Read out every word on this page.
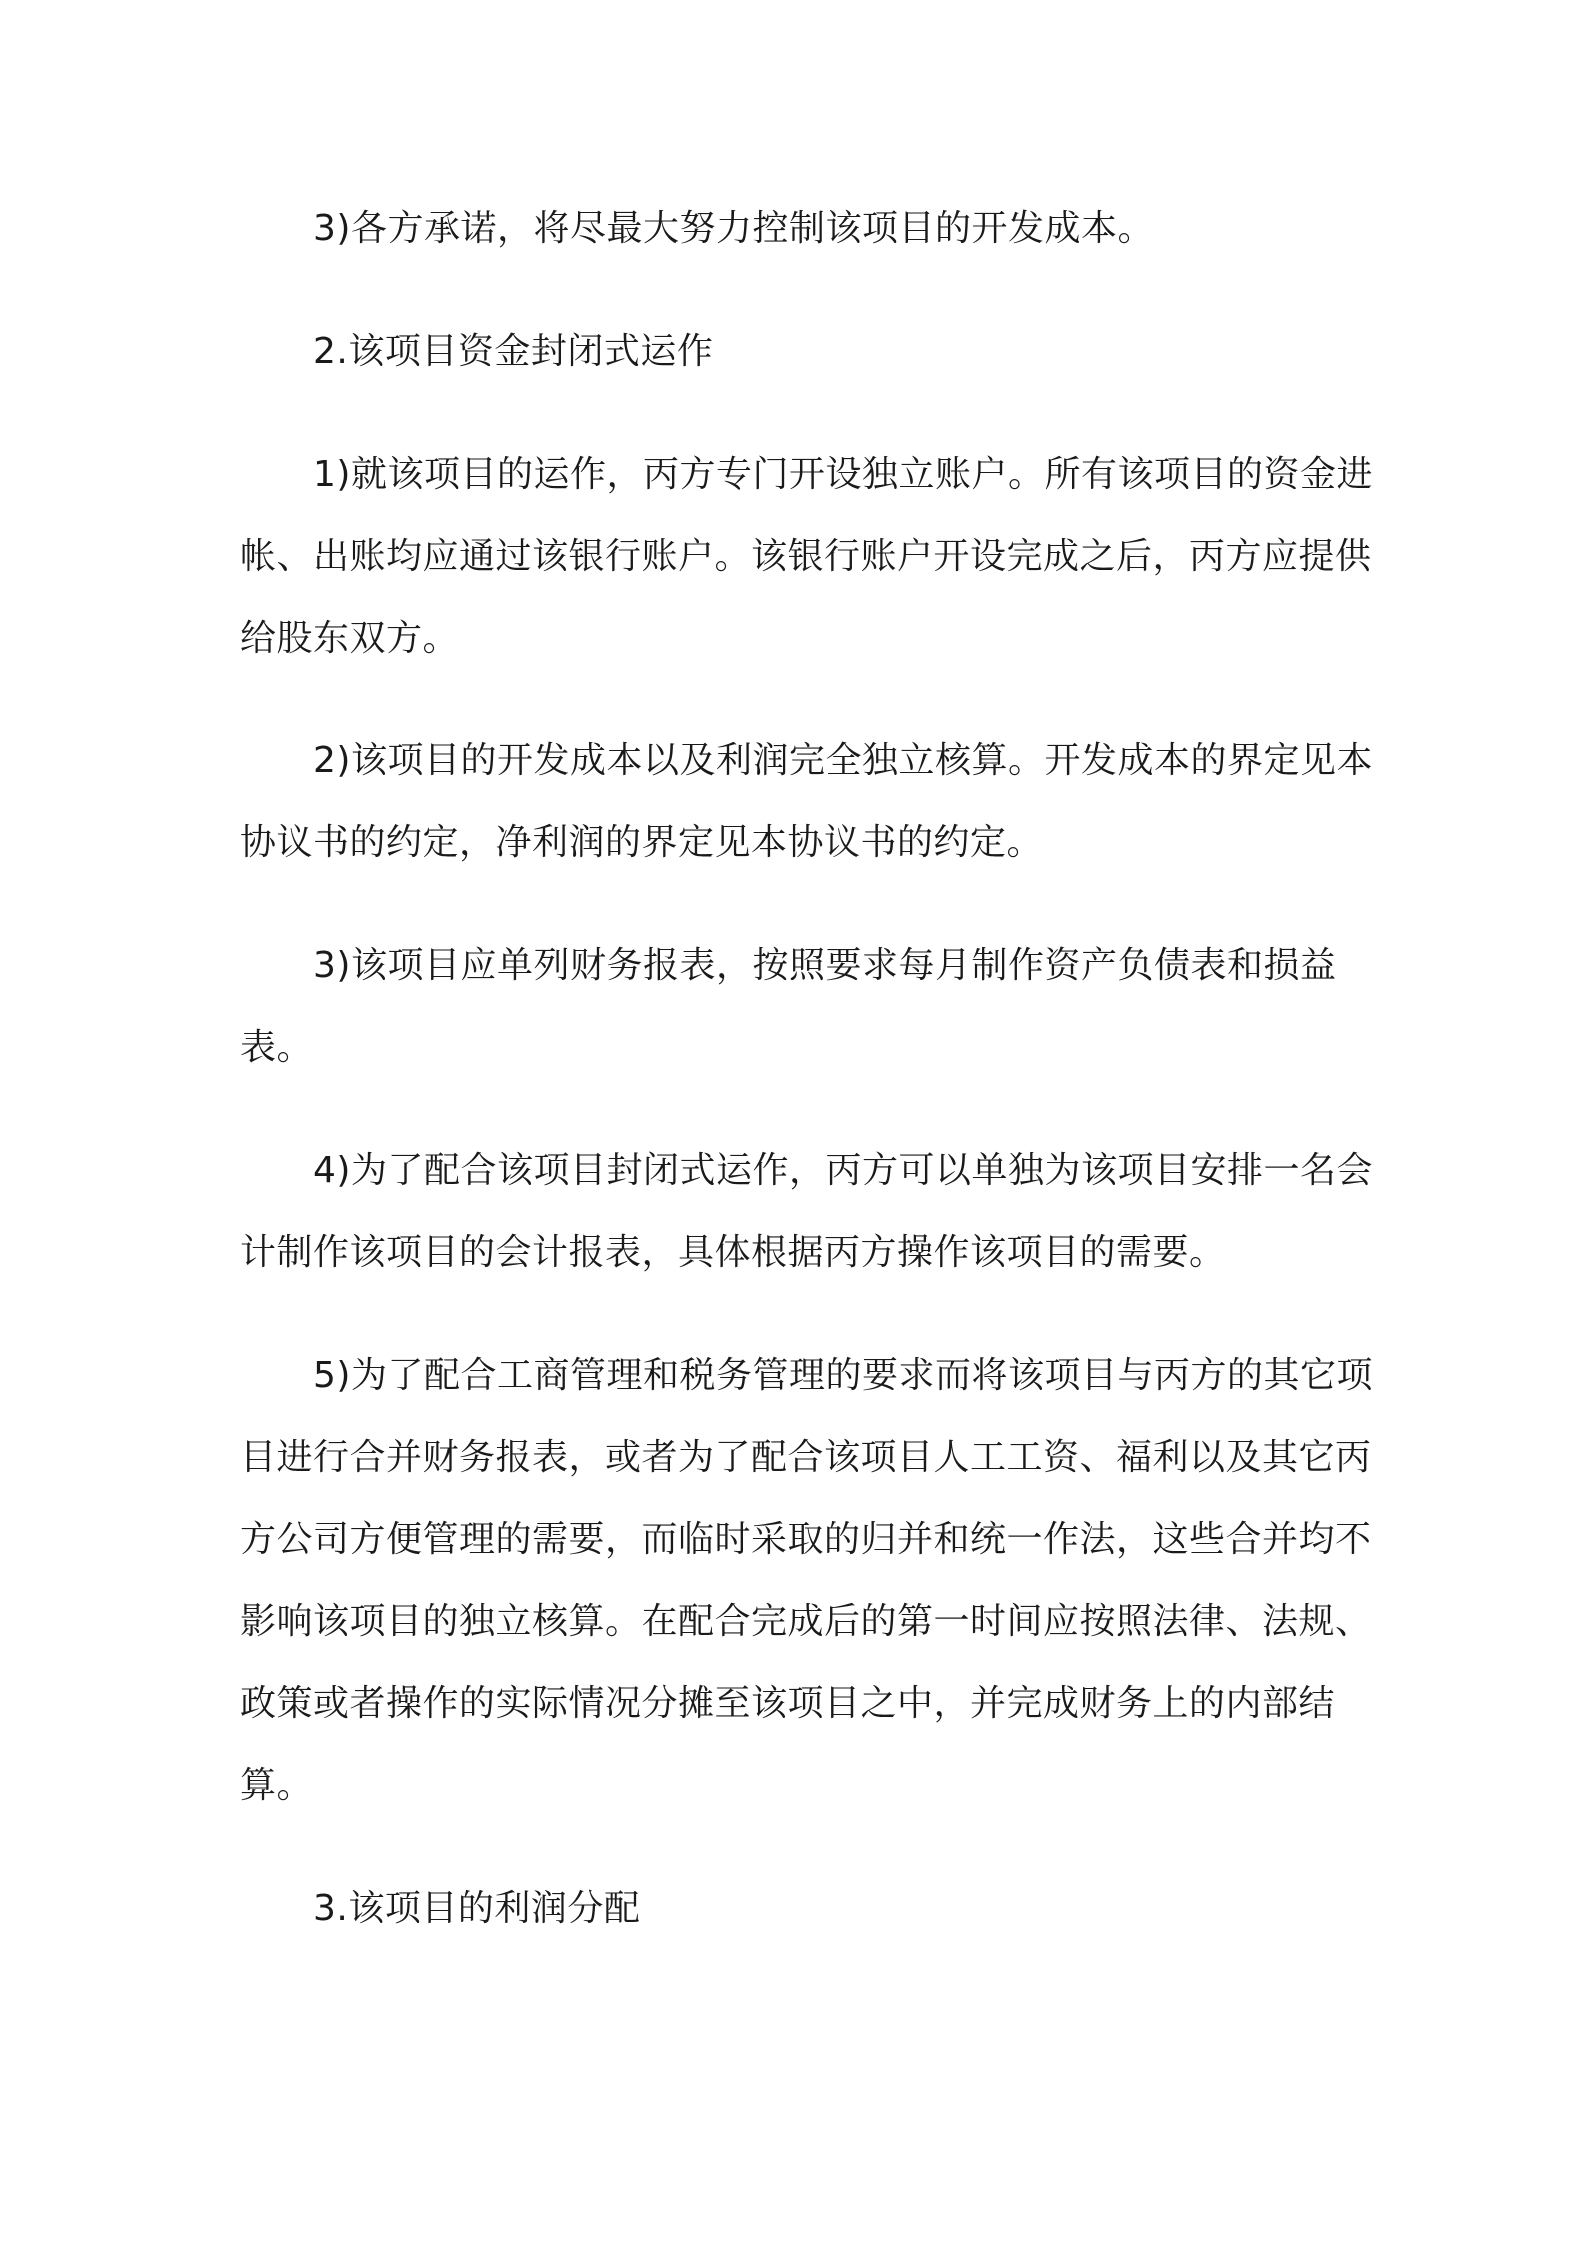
3)各方承诺，将尽最大努力控制该项目的开发成本。

2.该项目资金封闭式运作

1)就该项目的运作，丙方专门开设独立账户。所有该项目的资金进帐、出账均应通过该银行账户。该银行账户开设完成之后，丙方应提供给股东双方。

2)该项目的开发成本以及利润完全独立核算。开发成本的界定见本协议书的约定，净利润的界定见本协议书的约定。

3)该项目应单列财务报表，按照要求每月制作资产负债表和损益表。

4)为了配合该项目封闭式运作，丙方可以单独为该项目安排一名会计制作该项目的会计报表，具体根据丙方操作该项目的需要。

5)为了配合工商管理和税务管理的要求而将该项目与丙方的其它项目进行合并财务报表，或者为了配合该项目人工工资、福利以及其它丙方公司方便管理的需要，而临时采取的归并和统一作法，这些合并均不影响该项目的独立核算。在配合完成后的第一时间应按照法律、法规、政策或者操作的实际情况分摊至该项目之中，并完成财务上的内部结算。

3.该项目的利润分配
